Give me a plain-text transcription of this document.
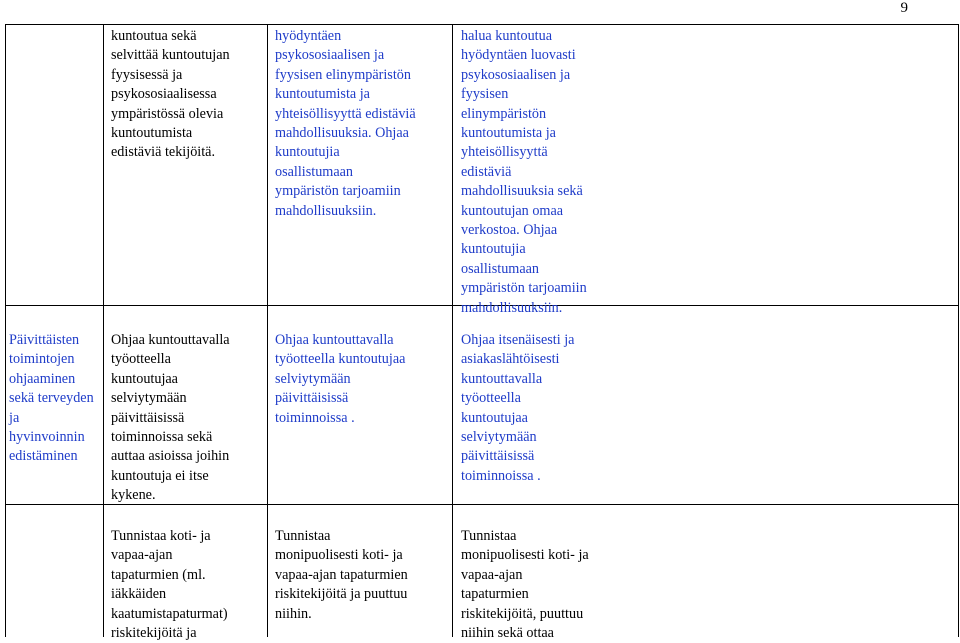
9
kuntoutua sekä
selvittää kuntoutujan
fyysisessä ja
psykososiaalisessa
ympäristössä olevia
kuntoutumista
edistäviä tekijöitä.
hyödyntäen
psykososiaalisen ja
fyysisen elinympäristön
kuntoutumista ja
yhteisöllisyyttä edistäviä
mahdollisuuksia. Ohjaa
kuntoutujia
osallistumaan
ympäristön tarjoamiin
mahdollisuuksiin.
halua kuntoutua
hyödyntäen luovasti
psykososiaalisen ja
fyysisen
elinympäristön
kuntoutumista ja
yhteisöllisyyttä
edistäviä
mahdollisuuksia sekä
kuntoutujan omaa
verkostoa. Ohjaa
kuntoutujia
osallistumaan
ympäristön tarjoamiin
mahdollisuuksiin.
Päivittäisten
toimintojen
ohjaaminen
sekä terveyden
ja
hyvinvoinnin
edistäminen
Ohjaa kuntouttavalla
työotteella
kuntoutujaa
selviytymään
päivittäisissä
toiminnoissa sekä
auttaa asioissa joihin
kuntoutuja ei itse
kykene.
Ohjaa kuntouttavalla
työotteella kuntoutujaa
selviytymään
päivittäisissä
toiminnoissa .
Ohjaa itsenäisesti ja
asiakaslähtöisesti
kuntouttavalla
työotteella
kuntoutujaa
selviytymään
päivittäisissä
toiminnoissa .
Tunnistaa koti- ja
vapaa-ajan
tapaturmien (ml.
iäkkäiden
kaatumistapaturmat)
riskitekijöitä ja
Tunnistaa
monipuolisesti koti- ja
vapaa-ajan tapaturmien
riskitekijöitä ja puuttuu
niihin.
Tunnistaa
monipuolisesti koti- ja
vapaa-ajan
tapaturmien
riskitekijöitä, puuttuu
niihin sekä ottaa
